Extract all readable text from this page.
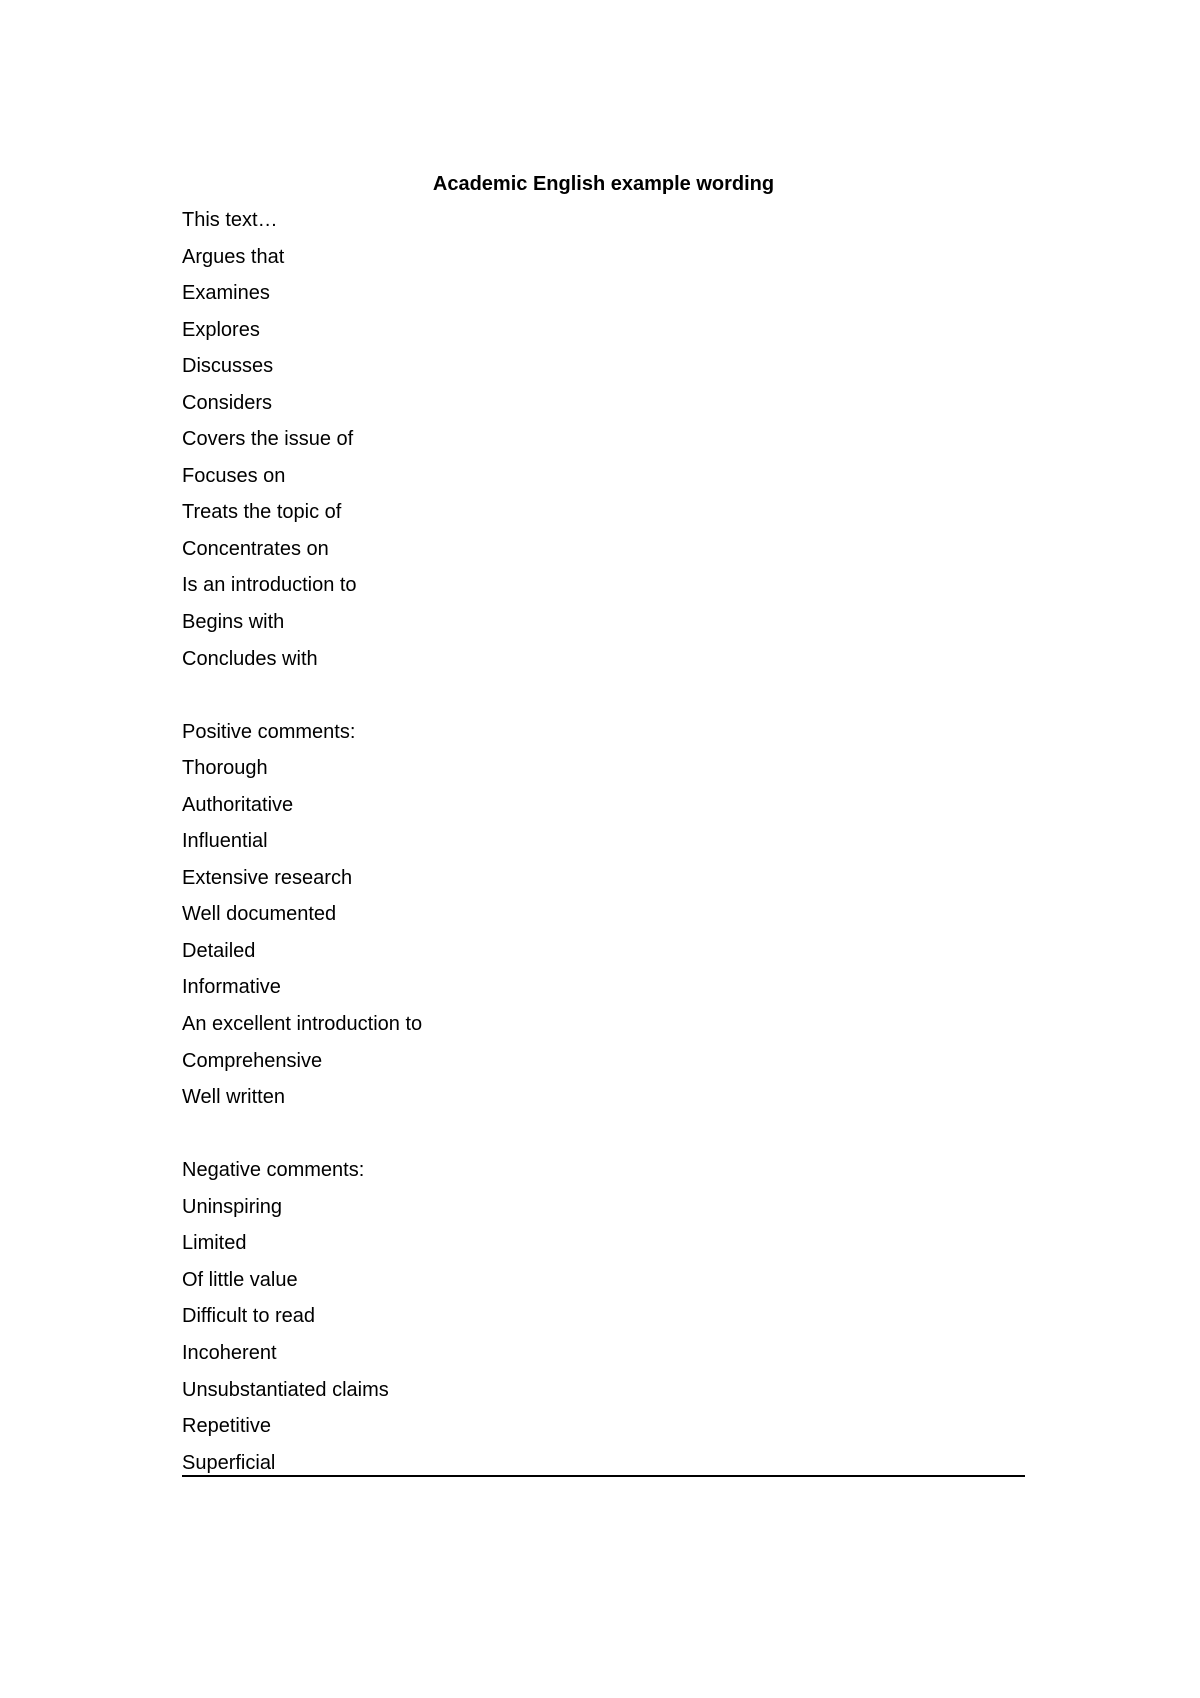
Academic English example wording
This text…
Argues that
Examines
Explores
Discusses
Considers
Covers the issue of
Focuses on
Treats the topic of
Concentrates on
Is an introduction to
Begins with
Concludes with
Positive comments:
Thorough
Authoritative
Influential
Extensive research
Well documented
Detailed
Informative
An excellent introduction to
Comprehensive
Well written
Negative comments:
Uninspiring
Limited
Of little value
Difficult to read
Incoherent
Unsubstantiated claims
Repetitive
Superficial
